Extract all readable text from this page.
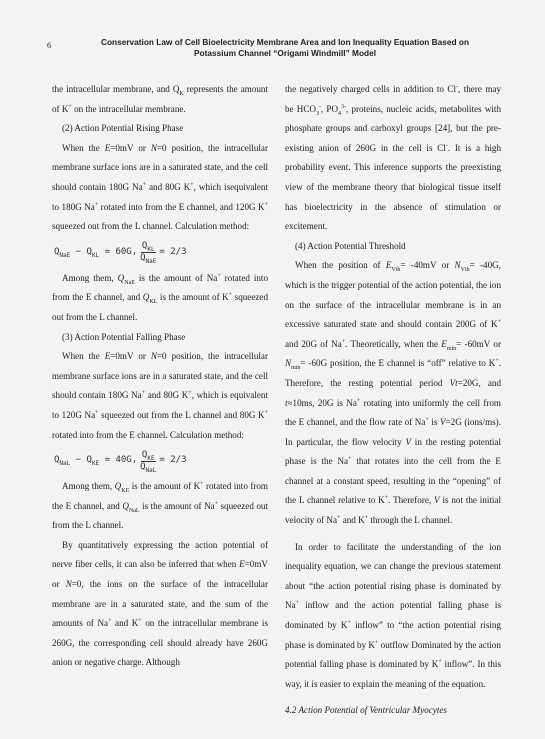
6	Conservation Law of Cell Bioelectricity Membrane Area and Ion Inequality Equation Based on
Potassium Channel “Origami Windmill” Model

the intracellular membrane, and $Q_K$ represents the amount of K+ on the intracellular membrane.

(2) Action Potential Rising Phase

When the E=0mV or N=0 position, the intracellular membrane surface ions are in a saturated state, and the cell should contain 180G Na+ and 80G K+, which isequivalent to 180G Na+ rotated into from the E channel, and 120G K+ squeezed out from the L channel. Calculation method:

$Q_{NaE} - Q_{KL} = 60G$, $\frac{Q_{KL}}{Q_{NaE}} = 2/3$

Among them, $Q_{NaE}$ is the amount of Na+ rotated into from the E channel, and $Q_{KL}$ is the amount of K+ squeezed out from the L channel.

(3) Action Potential Falling Phase

When the E=0mV or N=0 position, the intracellular membrane surface ions are in a saturated state, and the cell should contain 180G Na+ and 80G K+, which is equivalent to 120G Na+ squeezed out from the L channel and 80G K+ rotated into from the E channel. Calculation method:

$Q_{NaL} - Q_{KE} = 40G$, $\frac{Q_{KE}}{Q_{NaL}} = 2/3$

Among them, $Q_{KE}$ is the amount of K+ rotated into from the E channel, and $Q_{NaL}$ is the amount of Na+ squeezed out from the L channel.

By quantitatively expressing the action potential of nerve fiber cells, it can also be inferred that when E=0mV or N=0, the ions on the surface of the intracellular membrane are in a saturated state, and the sum of the amounts of Na+ and K+ on the intracellular membrane is 260G, the corresponding cell should already have 260G anion or negative charge. Although

the negatively charged cells in addition to Cl-, there may be $HCO_3^-$, $PO_4^{3-}$, proteins, nucleic acids, metabolites with phosphate groups and carboxyl groups [24], but the pre-existing anion of 260G in the cell is Cl-. It is a high probability event. This inference supports the preexisting view of the membrane theory that biological tissue itself has bioelectricity in the absence of stimulation or excitement.

(4) Action Potential Threshold

When the position of $E_{Vth}= -40mV$ or $N_{Vth}= -40G$, which is the trigger potential of the action potential, the ion on the surface of the intracellular membrane is in an excessive saturated state and should contain 200G of K+ and 20G of Na+. Theoretically, when the $E_{min}= -60mV$ or $N_{min}= -60G$ position, the E channel is “off” relative to K+. Therefore, the resting potential period Vt=20G, and t≈10ms, 20G is Na+ rotating into uniformly the cell from the E channel, and the flow rate of Na+ is V=2G (ions/ms). In particular, the flow velocity V in the resting potential phase is the Na+ that rotates into the cell from the E channel at a constant speed, resulting in the “opening” of the L channel relative to K+. Therefore, V is not the initial velocity of Na+ and K+ through the L channel.

In order to facilitate the understanding of the ion inequality equation, we can change the previous statement about “the action potential rising phase is dominated by Na+ inflow and the action potential falling phase is dominated by K+ inflow” to “the action potential rising phase is dominated by K+ outflow Dominated by the action potential falling phase is dominated by K+ inflow”. In this way, it is easier to explain the meaning of the equation.

4.2 Action Potential of Ventricular Myocytes
